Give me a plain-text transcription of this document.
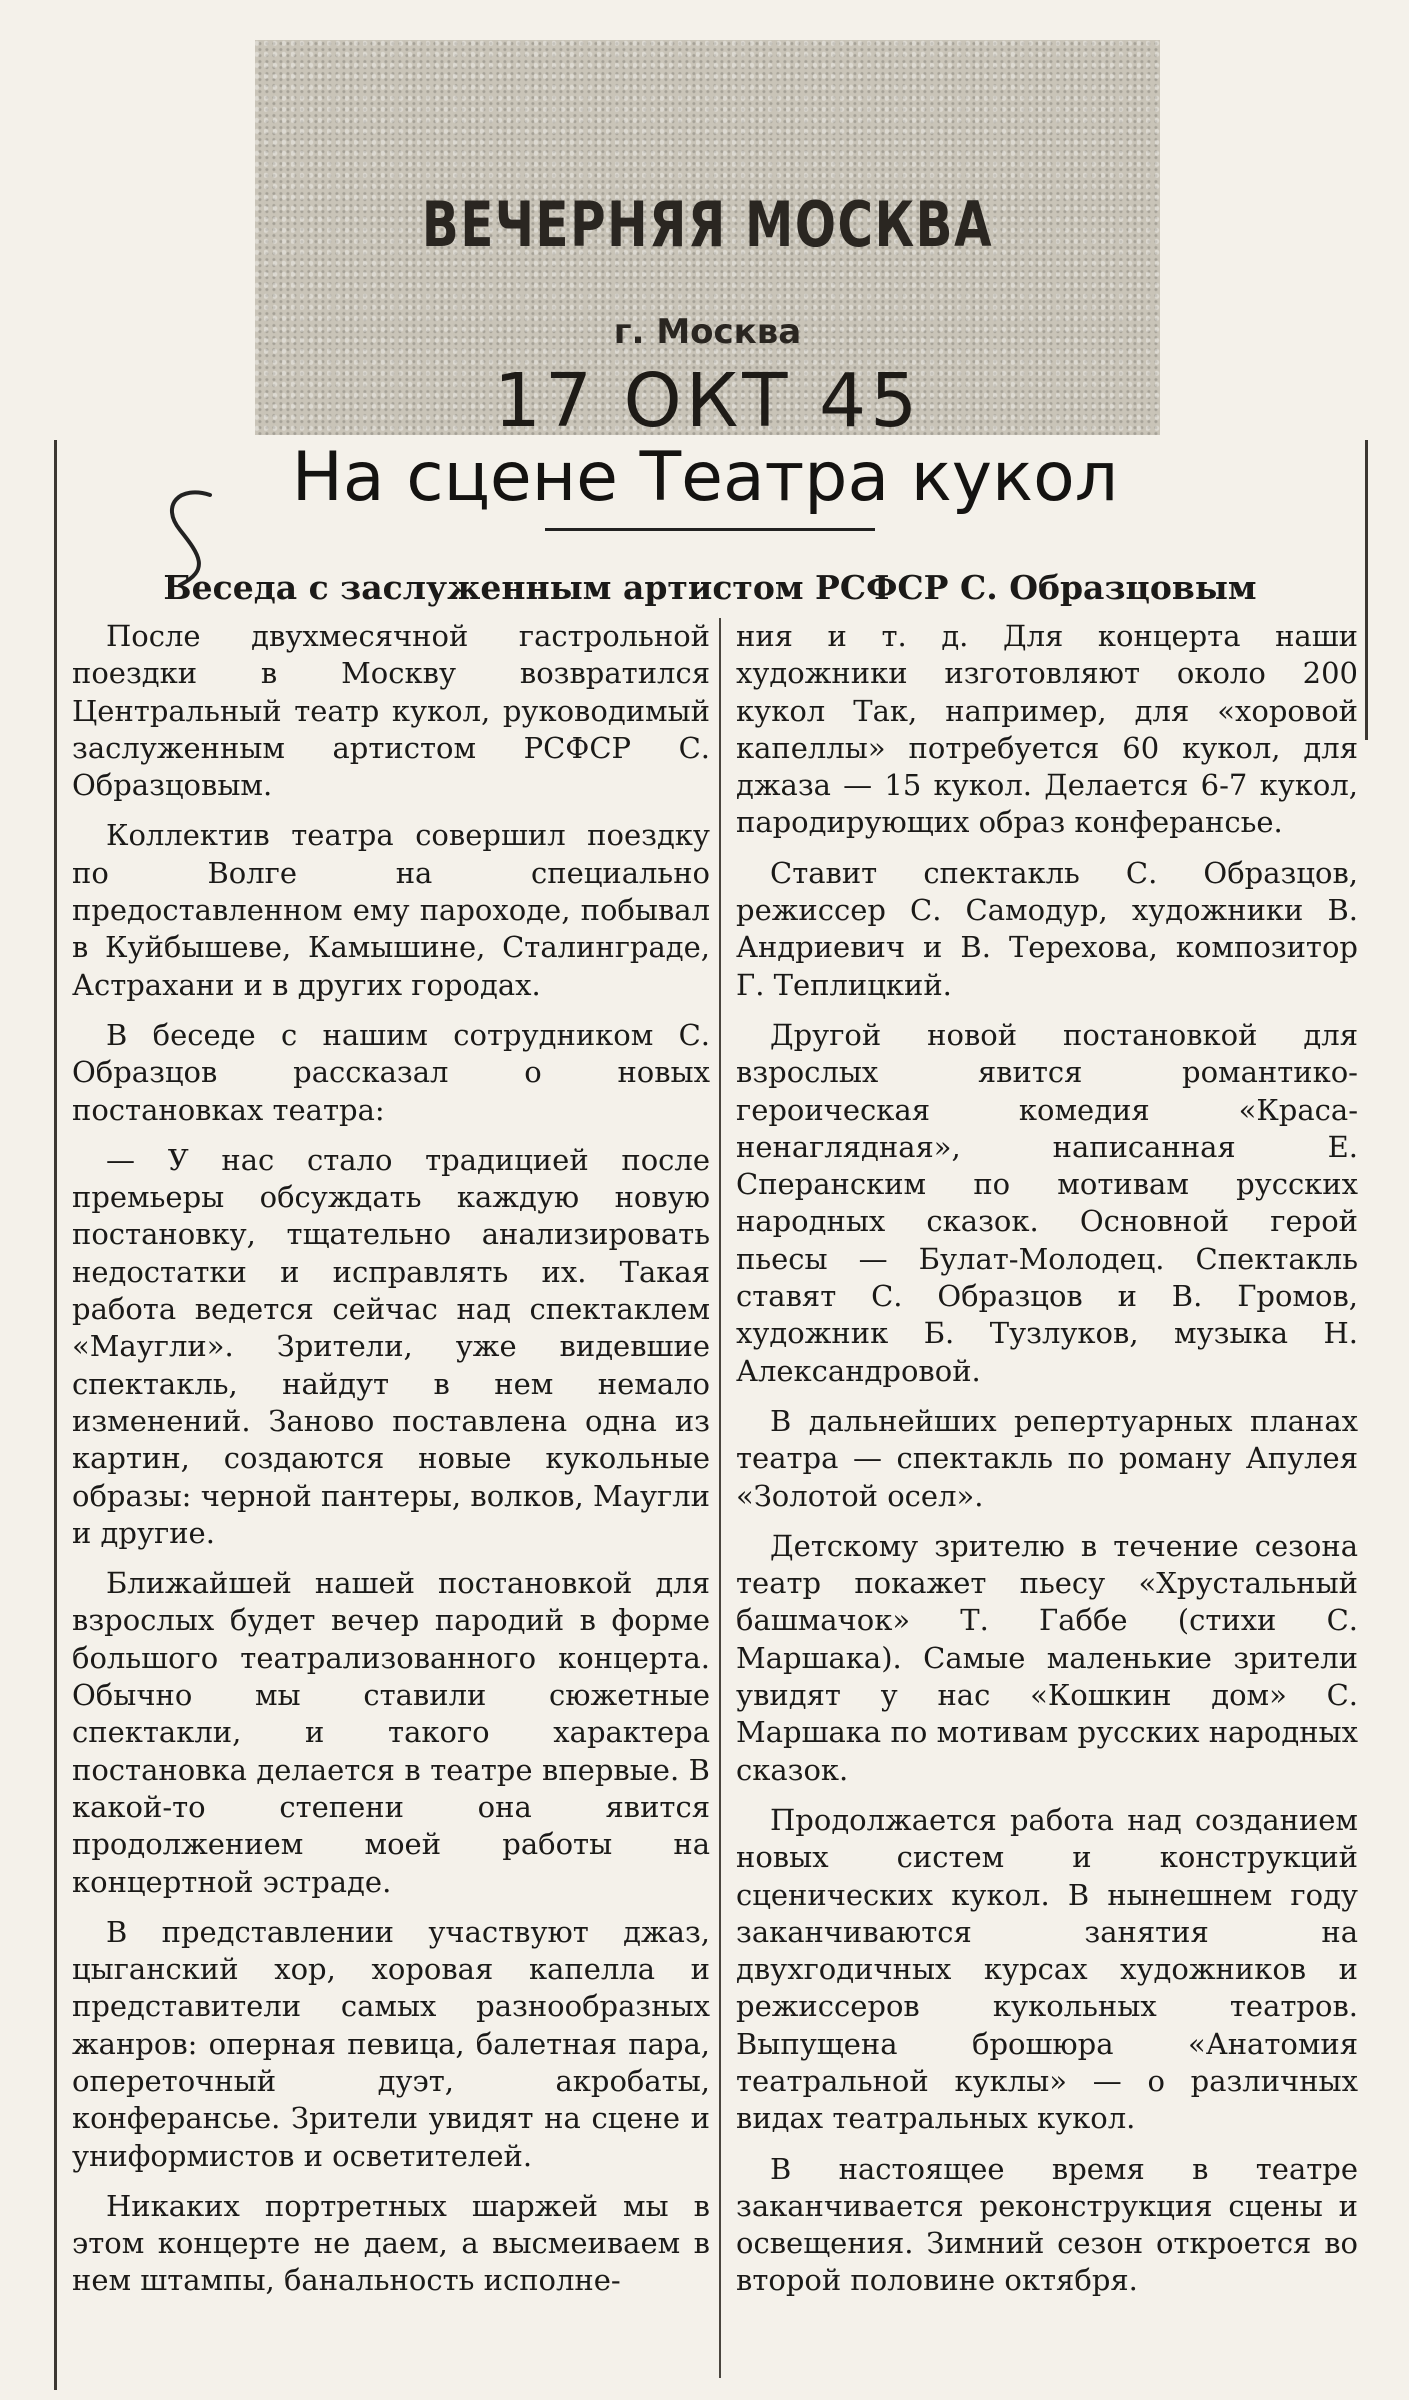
ВЕЧЕРНЯЯ МОСКВА
г. Москва
17 ОКТ 45
На сцене Театра кукол
Беседа с заслуженным артистом РСФСР С. Образцовым

После двухмесячной гастрольной поездки в Москву возвратился Центральный театр кукол, руководимый заслуженным артистом РСФСР С. Образцовым.

Коллектив театра совершил поездку по Волге на специально предоставленном ему пароходе, побывал в Куйбышеве, Камышине, Сталинграде, Астрахани и в других городах.

В беседе с нашим сотрудником С. Образцов рассказал о новых постановках театра:

— У нас стало традицией после премьеры обсуждать каждую новую постановку, тщательно анализировать недостатки и исправлять их. Такая работа ведется сейчас над спектаклем «Маугли». Зрители, уже видевшие спектакль, найдут в нем немало изменений. Заново поставлена одна из картин, создаются новые кукольные образы: черной пантеры, волков, Маугли и другие.

Ближайшей нашей постановкой для взрослых будет вечер пародий в форме большого театрализованного концерта. Обычно мы ставили сюжетные спектакли, и такого характера постановка делается в театре впервые. В какой-то степени она явится продолжением моей работы на концертной эстраде.

В представлении участвуют джаз, цыганский хор, хоровая капелла и представители самых разнообразных жанров: оперная певица, балетная пара, опереточный дуэт, акробаты, конферансье. Зрители увидят на сцене и униформистов и осветителей.

Никаких портретных шаржей мы в этом концерте не даем, а высмеиваем в нем штампы, банальность исполне-

ния и т. д. Для концерта наши художники изготовляют около 200 кукол Так, например, для «хоровой капеллы» потребуется 60 кукол, для джаза — 15 кукол. Делается 6-7 кукол, пародирующих образ конферансье.

Ставит спектакль С. Образцов, режиссер С. Самодур, художники В. Андриевич и В. Терехова, композитор Г. Теплицкий.

Другой новой постановкой для взрослых явится романтико-героическая комедия «Краса-ненаглядная», написанная Е. Сперанским по мотивам русских народных сказок. Основной герой пьесы — Булат-Молодец. Спектакль ставят С. Образцов и В. Громов, художник Б. Тузлуков, музыка Н. Александровой.

В дальнейших репертуарных планах театра — спектакль по роману Апулея «Золотой осел».

Детскому зрителю в течение сезона театр покажет пьесу «Хрустальный башмачок» Т. Габбе (стихи С. Маршака). Самые маленькие зрители увидят у нас «Кошкин дом» С. Маршака по мотивам русских народных сказок.

Продолжается работа над созданием новых систем и конструкций сценических кукол. В нынешнем году заканчиваются занятия на двухгодичных курсах художников и режиссеров кукольных театров. Выпущена брошюра «Анатомия театральной куклы» — о различных видах театральных кукол.

В настоящее время в театре заканчивается реконструкция сцены и освещения. Зимний сезон откроется во второй половине октября.
